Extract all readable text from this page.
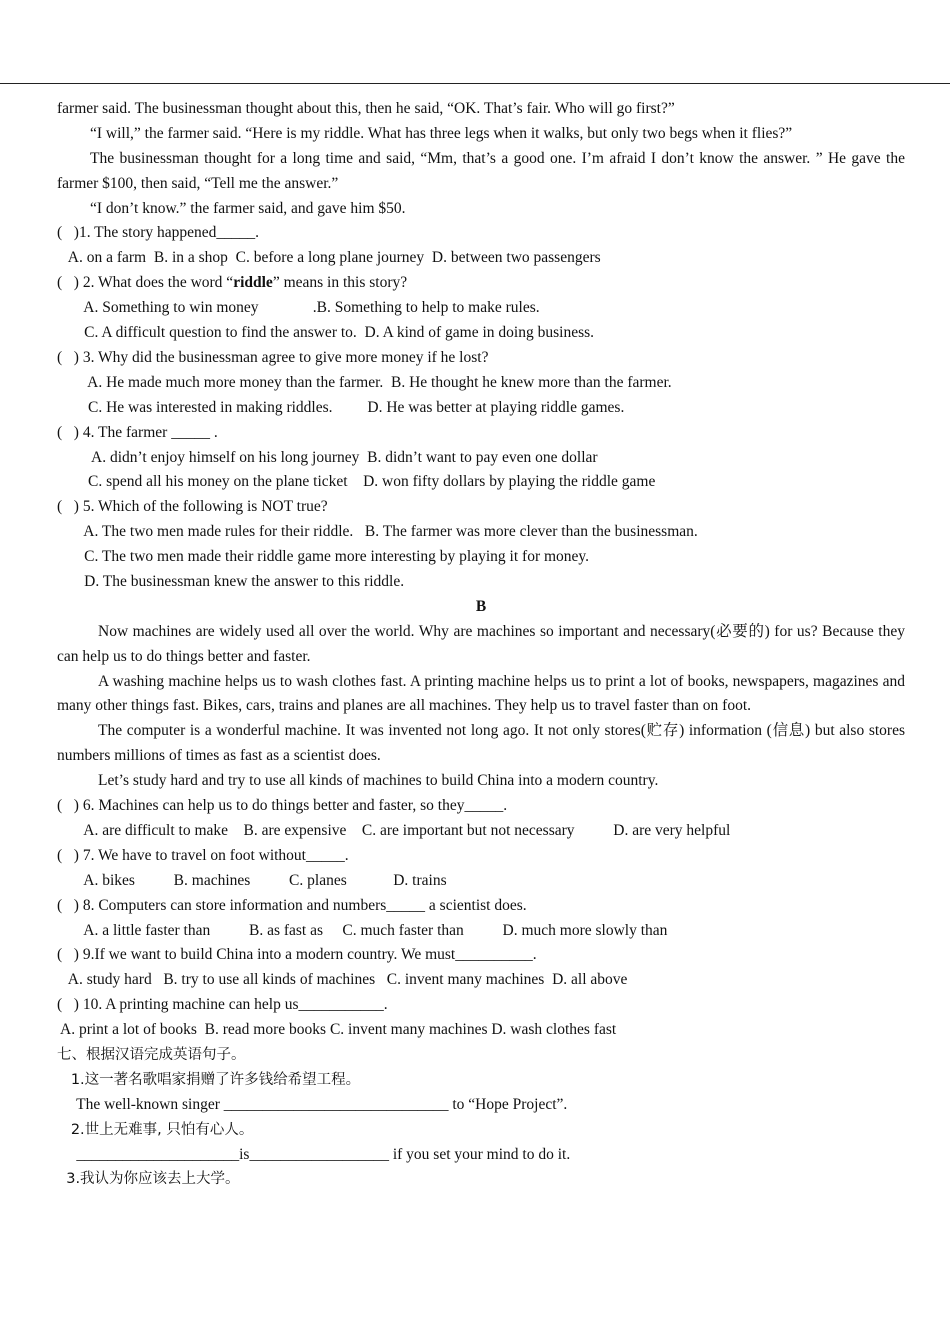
farmer said. The businessman thought about this, then he said, “OK. That’s fair. Who will go first?”
“I will,” the farmer said. “Here is my riddle. What has three legs when it walks, but only two begs when it flies?”
The businessman thought for a long time and said, “Mm, that’s a good one. I’m afraid I don’t know the answer. ” He gave the farmer $100, then said, “Tell me the answer.”
“I don’t know.” the farmer said, and gave him $50.
(   )1. The story happened_____.
A. on a farm  B. in a shop  C. before a long plane journey  D. between two passengers
(   ) 2. What does the word “riddle” means in this story?
A. Something to win money              .B. Something to help to make rules.
C. A difficult question to find the answer to.  D. A kind of game in doing business.
(   ) 3. Why did the businessman agree to give more money if he lost?
A. He made much more money than the farmer.  B. He thought he knew more than the farmer.
C. He was interested in making riddles.         D. He was better at playing riddle games.
(   ) 4. The farmer _____ .
A. didn’t enjoy himself on his long journey  B. didn’t want to pay even one dollar
C. spend all his money on the plane ticket    D. won fifty dollars by playing the riddle game
(   ) 5. Which of the following is NOT true?
A. The two men made rules for their riddle.   B. The farmer was more clever than the businessman.
C. The two men made their riddle game more interesting by playing it for money.
D. The businessman knew the answer to this riddle.
B
Now machines are widely used all over the world. Why are machines so important and necessary(必要的) for us? Because they can help us to do things better and faster.
A washing machine helps us to wash clothes fast. A printing machine helps us to print a lot of books, newspapers, magazines and many other things fast. Bikes, cars, trains and planes are all machines. They help us to travel faster than on foot.
The computer is a wonderful machine. It was invented not long ago. It not only stores(贮存) information (信息) but also stores numbers millions of times as fast as a scientist does.
Let’s study hard and try to use all kinds of machines to build China into a modern country.
(   ) 6. Machines can help us to do things better and faster, so they_____.
A. are difficult to make    B. are expensive    C. are important but not necessary          D. are very helpful
(   ) 7. We have to travel on foot without_____.
A. bikes          B. machines          C. planes            D. trains
(   ) 8. Computers can store information and numbers_____ a scientist does.
A. a little faster than          B. as fast as     C. much faster than          D. much more slowly than
(   ) 9.If we want to build China into a modern country. We must__________.
A. study hard   B. try to use all kinds of machines   C. invent many machines  D. all above
(   ) 10. A printing machine can help us___________.
A. print a lot of books  B. read more books C. invent many machines D. wash clothes fast
七、根据汉语完成英语句子。
1.这一著名歌唱家捐赠了许多钱给希望工程。
The well-known singer _____________________________ to “Hope Project”.
2.世上无难事, 只怕有心人。
_____________________is__________________ if you set your mind to do it.
3.我认为你应该去上大学。
